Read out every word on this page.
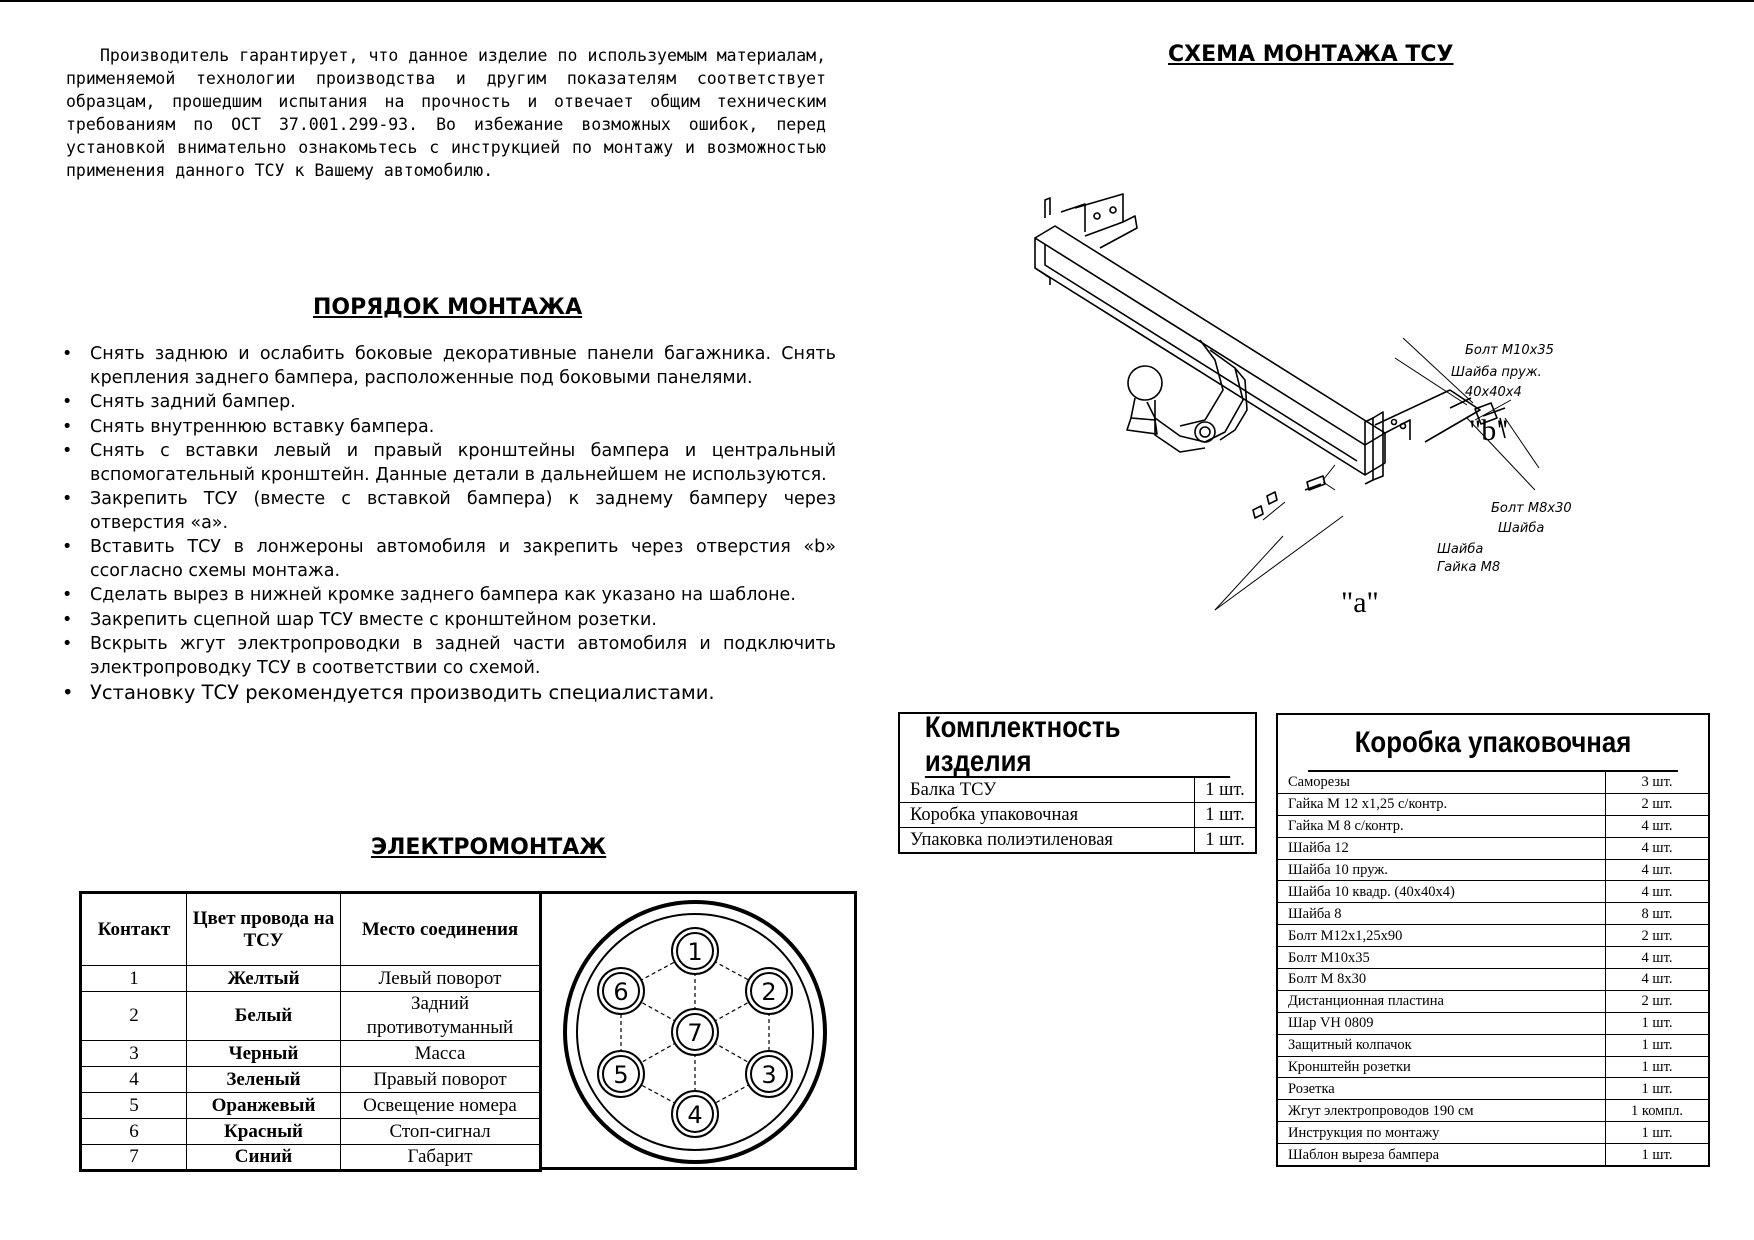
Производитель гарантирует, что данное изделие по используемым материалам, применяемой технологии производства и другим показателям соответствует образцам, прошедшим испытания на прочность и отвечает общим техническим требованиям по ОСТ 37.001.299-93. Во избежание возможных ошибок, перед установкой внимательно ознакомьтесь с инструкцией по монтажу и возможностью применения данного ТСУ к Вашему автомобилю.

СХЕМА МОНТАЖА ТСУ
ПОРЯДОК МОНТАЖА
ЭЛЕКТРОМОНТАЖ
• Снять заднюю и ослабить боковые декоративные панели багажника. Снять крепления заднего бампера, расположенные под боковыми панелями.
• Снять задний бампер.
• Снять внутреннюю вставку бампера.
• Снять с вставки левый и правый кронштейны бампера и центральный вспомогательный кронштейн. Данные детали в дальнейшем не используются.
• Закрепить ТСУ (вместе с вставкой бампера) к заднему бамперу через отверстия «а».
• Вставить ТСУ в лонжероны автомобиля и закрепить через отверстия «b» ссогласно схемы монтажа.
• Сделать вырез в нижней кромке заднего бампера как указано на шаблоне.
• Закрепить сцепной шар ТСУ вместе с кронштейном розетки.
• Вскрыть жгут электропроводки в задней части автомобиля и подключить электропроводку ТСУ в соответствии со схемой.
• Установку ТСУ рекомендуется производить специалистами.
Контакт	Цвет провода на ТСУ	Место соединения
1	Желтый	Левый поворот
2	Белый	Задний противотуманный
3	Черный	Масса
4	Зеленый	Правый поворот
5	Оранжевый	Освещение номера
6	Красный	Стоп-сигнал
7	Синий	Габарит
1
2
3
4
5
6
7
Комплектность изделия
Балка ТСУ	1 шт.
Коробка упаковочная	1 шт.
Упаковка полиэтиленовая	1 шт.
Коробка упаковочная
Саморезы	3 шт.
Гайка М 12 х1,25 с/контр.	2 шт.
Гайка М 8 с/контр.	4 шт.
Шайба 12	4 шт.
Шайба 10 пруж.	4 шт.
Шайба 10 квадр. (40х40х4)	4 шт.
Шайба 8	8 шт.
Болт М12х1,25х90	2 шт.
Болт М10х35	4 шт.
Болт М 8х30	4 шт.
Дистанционная пластина	2 шт.
Шар VH 0809	1 шт.
Защитный колпачок	1 шт.
Кронштейн розетки	1 шт.
Розетка	1 шт.
Жгут электропроводов 190 см	1 компл.
Инструкция по монтажу	1 шт.
Шаблон выреза бампера	1 шт.
Болт М10х35
Шайба пруж.
40х40х4
"b"
Болт М8х30
Шайба
Шайба
Гайка М8
"a"
